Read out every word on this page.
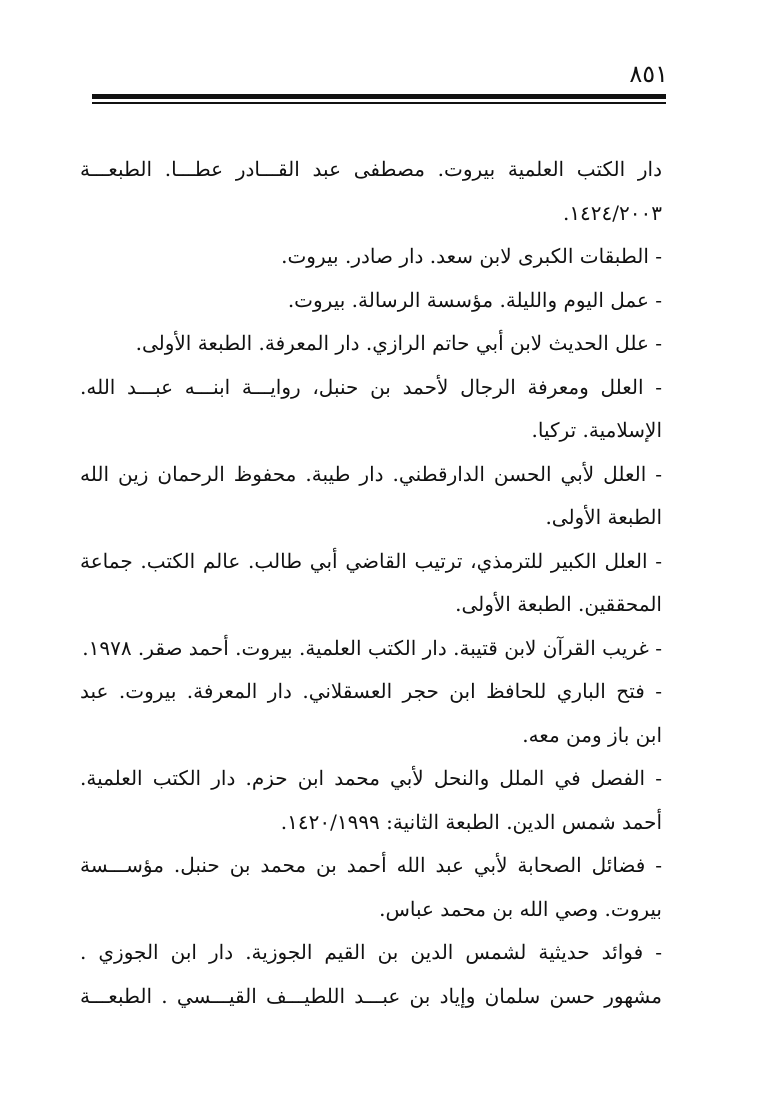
٨٥١
دار الكتب العلمية بيروت. مصطفى عبد القـــادر عطـــا. الطبعـــة
١٤٢٤/٢٠٠٣.
- الطبقات الكبرى لابن سعد. دار صادر. بيروت.
- عمل اليوم والليلة. مؤسسة الرسالة. بيروت.
- علل الحديث لابن أبي حاتم الرازي. دار المعرفة. الطبعة الأولى.
- العلل ومعرفة الرجال لأحمد بن حنبل، روايـــة ابنـــه عبـــد الله.
الإسلامية. تركيا.
- العلل لأبي الحسن الدارقطني. دار طيبة. محفوظ الرحمان زين الله
الطبعة الأولى.
- العلل الكبير للترمذي، ترتيب القاضي أبي طالب. عالم الكتب. جماعة
المحققين. الطبعة الأولى.
- غريب القرآن لابن قتيبة. دار الكتب العلمية. بيروت. أحمد صقر. ١٩٧٨.
- فتح الباري للحافظ ابن حجر العسقلاني. دار المعرفة. بيروت. عبد
ابن باز ومن معه.
- الفصل في الملل والنحل لأبي محمد ابن حزم. دار الكتب العلمية.
أحمد شمس الدين. الطبعة الثانية: ١٤٢٠/١٩٩٩.
- فضائل الصحابة لأبي عبد الله أحمد بن محمد بن حنبل. مؤســـسة
بيروت. وصي الله بن محمد عباس.
- فوائد حديثية لشمس الدين بن القيم الجوزية. دار ابن الجوزي .
مشهور حسن سلمان وإياد بن عبـــد اللطيـــف القيـــسي . الطبعـــة
